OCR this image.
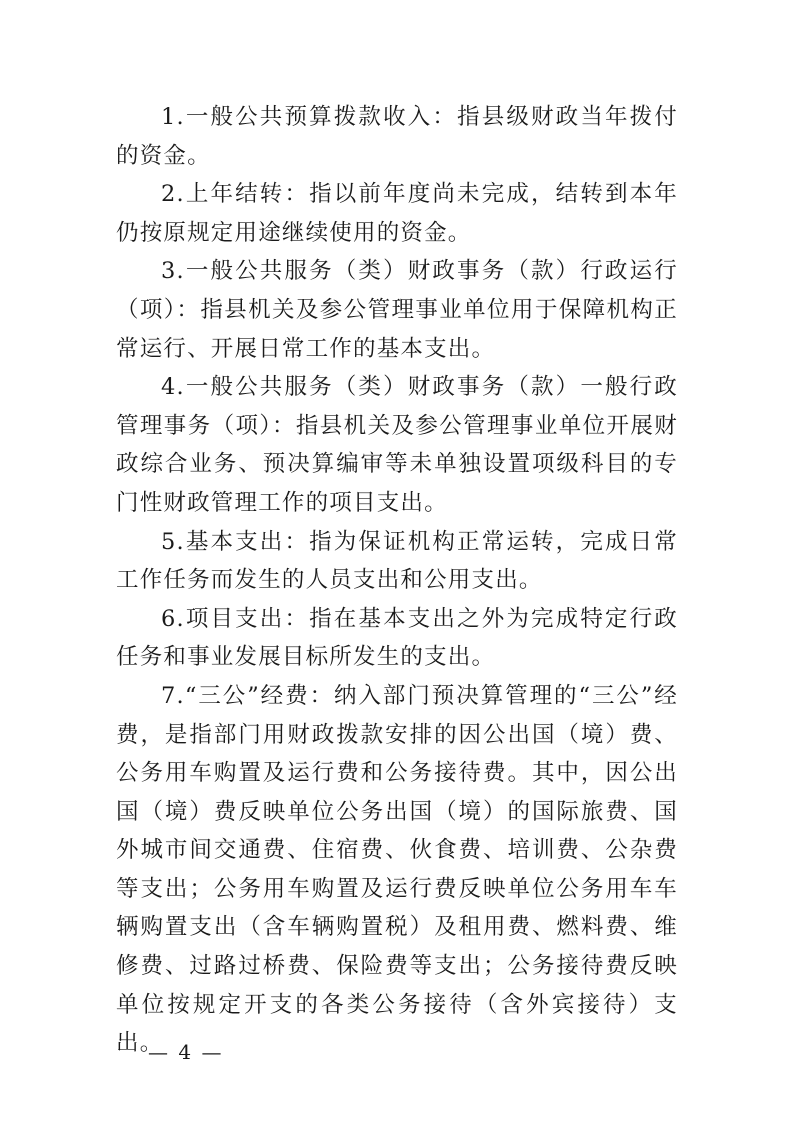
1.一般公共预算拨款收入：指县级财政当年拨付的资金。

2.上年结转：指以前年度尚未完成，结转到本年仍按原规定用途继续使用的资金。

3.一般公共服务（类）财政事务（款）行政运行（项）：指县机关及参公管理事业单位用于保障机构正常运行、开展日常工作的基本支出。

4.一般公共服务（类）财政事务（款）一般行政管理事务（项）：指县机关及参公管理事业单位开展财政综合业务、预决算编审等未单独设置项级科目的专门性财政管理工作的项目支出。

5.基本支出：指为保证机构正常运转，完成日常工作任务而发生的人员支出和公用支出。

6.项目支出：指在基本支出之外为完成特定行政任务和事业发展目标所发生的支出。

7.“三公”经费：纳入部门预决算管理的“三公”经费，是指部门用财政拨款安排的因公出国（境）费、公务用车购置及运行费和公务接待费。其中，因公出国（境）费反映单位公务出国（境）的国际旅费、国外城市间交通费、住宿费、伙食费、培训费、公杂费等支出；公务用车购置及运行费反映单位公务用车车辆购置支出（含车辆购置税）及租用费、燃料费、维修费、过路过桥费、保险费等支出；公务接待费反映单位按规定开支的各类公务接待（含外宾接待）支出。

— 4 —
